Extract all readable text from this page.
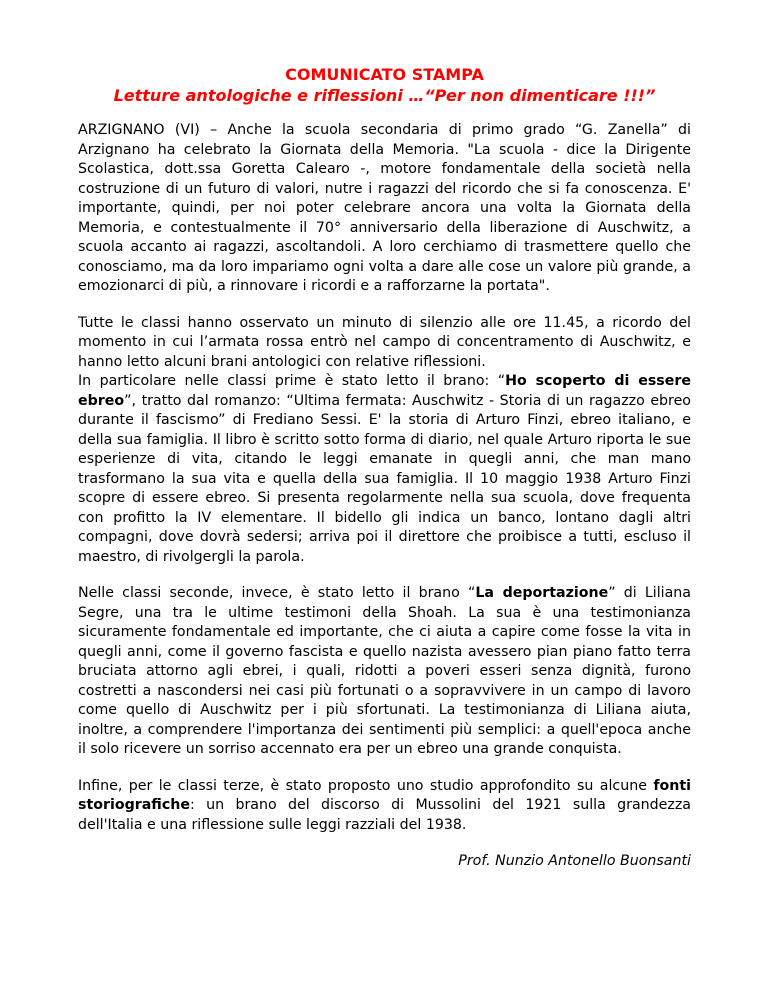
COMUNICATO STAMPA
Letture antologiche e riflessioni …“Per non dimenticare !!!”

ARZIGNANO (VI) – Anche la scuola secondaria di primo grado “G. Zanella” di Arzignano ha celebrato la Giornata della Memoria. "La scuola - dice la Dirigente Scolastica, dott.ssa Goretta Calearo -, motore fondamentale della società nella costruzione di un futuro di valori, nutre i ragazzi del ricordo che si fa conoscenza. E' importante, quindi, per noi poter celebrare ancora una volta la Giornata della Memoria, e contestualmente il 70° anniversario della liberazione di Auschwitz, a scuola accanto ai ragazzi, ascoltandoli. A loro cerchiamo di trasmettere quello che conosciamo, ma da loro impariamo ogni volta a dare alle cose un valore più grande, a emozionarci di più, a rinnovare i ricordi e a rafforzarne la portata".

Tutte le classi hanno osservato un minuto di silenzio alle ore 11.45, a ricordo del momento in cui l’armata rossa entrò nel campo di concentramento di Auschwitz, e hanno letto alcuni brani antologici con relative riflessioni.
In particolare nelle classi prime è stato letto il brano: “Ho scoperto di essere ebreo”, tratto dal romanzo: “Ultima fermata: Auschwitz - Storia di un ragazzo ebreo durante il fascismo” di Frediano Sessi. E' la storia di Arturo Finzi, ebreo italiano, e della sua famiglia. Il libro è scritto sotto forma di diario, nel quale Arturo riporta le sue esperienze di vita, citando le leggi emanate in quegli anni, che man mano trasformano la sua vita e quella della sua famiglia. Il 10 maggio 1938 Arturo Finzi scopre di essere ebreo. Si presenta regolarmente nella sua scuola, dove frequenta con profitto la IV elementare. Il bidello gli indica un banco, lontano dagli altri compagni, dove dovrà sedersi; arriva poi il direttore che proibisce a tutti, escluso il maestro, di rivolgergli la parola.

Nelle classi seconde, invece, è stato letto il brano “La deportazione” di Liliana Segre, una tra le ultime testimoni della Shoah. La sua è una testimonianza sicuramente fondamentale ed importante, che ci aiuta a capire come fosse la vita in quegli anni, come il governo fascista e quello nazista avessero pian piano fatto terra bruciata attorno agli ebrei, i quali, ridotti a poveri esseri senza dignità, furono costretti a nascondersi nei casi più fortunati o a sopravvivere in un campo di lavoro come quello di Auschwitz per i più sfortunati. La testimonianza di Liliana aiuta, inoltre, a comprendere l'importanza dei sentimenti più semplici: a quell'epoca anche il solo ricevere un sorriso accennato era per un ebreo una grande conquista.

Infine, per le classi terze, è stato proposto uno studio approfondito su alcune fonti storiografiche: un brano del discorso di Mussolini del 1921 sulla grandezza dell'Italia e una riflessione sulle leggi razziali del 1938.

Prof. Nunzio Antonello Buonsanti
